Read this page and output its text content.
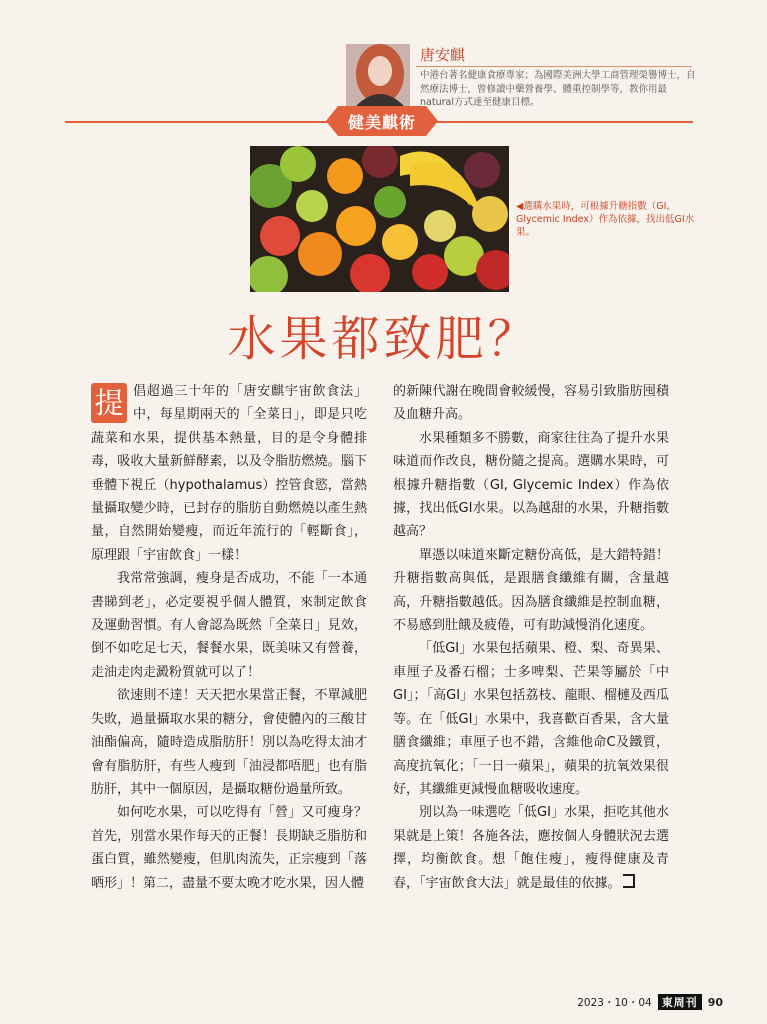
唐安麒
中港台著名健康食療專家；為國際美洲大學工商管理榮譽博士，自然療法博士，曾修讀中藥營養學、體重控制學等，教你用最natural方式達至健康目標。
健美麒術
◀選購水果時，可根據升糖指數（GI, Glycemic Index）作為依據，找出低GI水果。
水果都致肥？

提 倡超過三十年的「唐安麒宇宙飲食法」中，每星期兩天的「全菜日」，即是只吃蔬菜和水果，提供基本熱量，目的是令身體排毒，吸收大量新鮮酵素，以及令脂肪燃燒。腦下垂體下視丘（hypothalamus）控管食慾，當熱量攝取變少時，已封存的脂肪自動燃燒以產生熱量，自然開始變瘦，而近年流行的「輕斷食」，原理跟「宇宙飲食」一樣！

我常常強調，瘦身是否成功，不能「一本通書睇到老」，必定要視乎個人體質，來制定飲食及運動習慣。有人會認為既然「全菜日」見效，倒不如吃足七天，餐餐水果，既美味又有營養，走油走肉走澱粉質就可以了！

欲速則不達！天天把水果當正餐，不單減肥失敗，過量攝取水果的糖分，會使體內的三酸甘油酯偏高，隨時造成脂肪肝！別以為吃得太油才會有脂肪肝，有些人瘦到「油浸都唔肥」也有脂肪肝，其中一個原因，是攝取糖份過量所致。

如何吃水果，可以吃得有「營」又可瘦身？首先，別當水果作每天的正餐！長期缺乏脂肪和蛋白質，雖然變瘦，但肌肉流失，正宗瘦到「落晒形」！第二，盡量不要太晚才吃水果，因人體

的新陳代謝在晚間會較緩慢，容易引致脂肪囤積及血糖升高。

水果種類多不勝數，商家往往為了提升水果味道而作改良，糖份隨之提高。選購水果時，可根據升糖指數（GI, Glycemic Index）作為依據，找出低GI水果。以為越甜的水果，升糖指數越高？

單憑以味道來斷定糖份高低，是大錯特錯！升糖指數高與低，是跟膳食纖維有關，含量越高，升糖指數越低。因為膳食纖維是控制血糖，不易感到肚餓及疲倦，可有助減慢消化速度。

「低GI」水果包括蘋果、橙、梨、奇異果、車厘子及番石榴；士多啤梨、芒果等屬於「中GI」；「高GI」水果包括荔枝、龍眼、榴槤及西瓜等。在「低GI」水果中，我喜歡百香果，含大量膳食纖維；車厘子也不錯，含維他命C及鐵質，高度抗氧化；「一日一蘋果」，蘋果的抗氧效果很好，其纖維更減慢血糖吸收速度。

別以為一味選吃「低GI」水果，拒吃其他水果就是上策！各施各法，應按個人身體狀況去選擇，均衡飲食。想「飽住瘦」，瘦得健康及青春，「宇宙飲食大法」就是最佳的依據。

2023・10・04 東周刊 90
